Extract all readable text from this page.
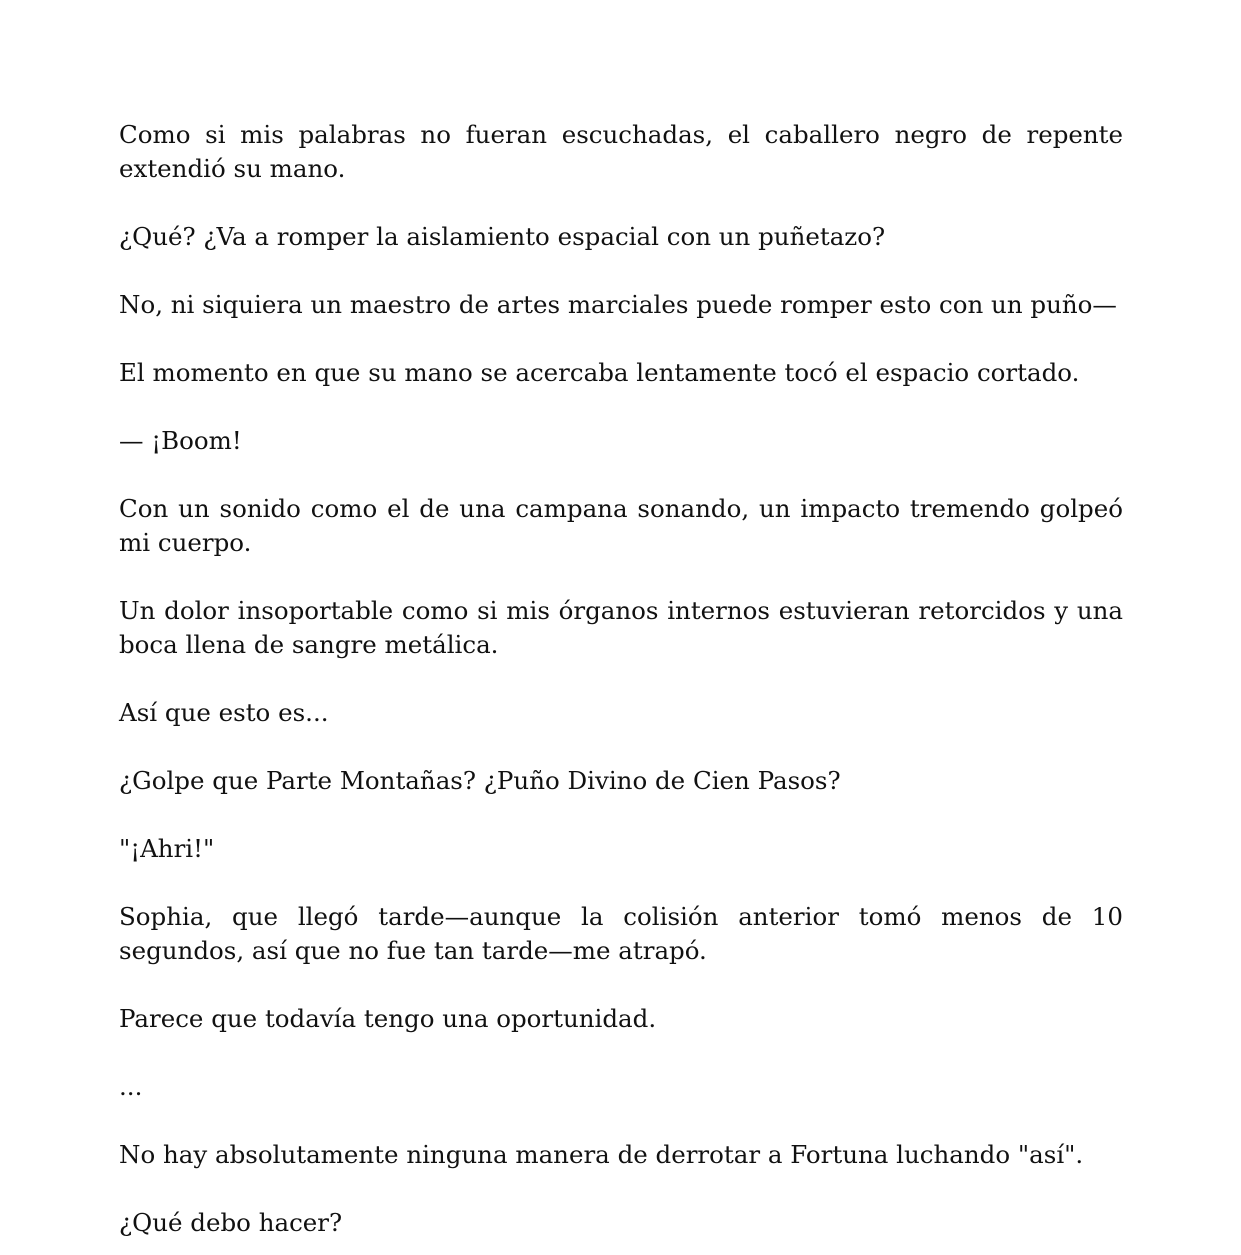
Como si mis palabras no fueran escuchadas, el caballero negro de repente extendió su mano.

¿Qué? ¿Va a romper la aislamiento espacial con un puñetazo?

No, ni siquiera un maestro de artes marciales puede romper esto con un puño—

El momento en que su mano se acercaba lentamente tocó el espacio cortado.

— ¡Boom!

Con un sonido como el de una campana sonando, un impacto tremendo golpeó mi cuerpo.

Un dolor insoportable como si mis órganos internos estuvieran retorcidos y una boca llena de sangre metálica.

Así que esto es...

¿Golpe que Parte Montañas? ¿Puño Divino de Cien Pasos?

"¡Ahri!"

Sophia, que llegó tarde—aunque la colisión anterior tomó menos de 10 segundos, así que no fue tan tarde—me atrapó.

Parece que todavía tengo una oportunidad.

...

No hay absolutamente ninguna manera de derrotar a Fortuna luchando "así".

¿Qué debo hacer?
